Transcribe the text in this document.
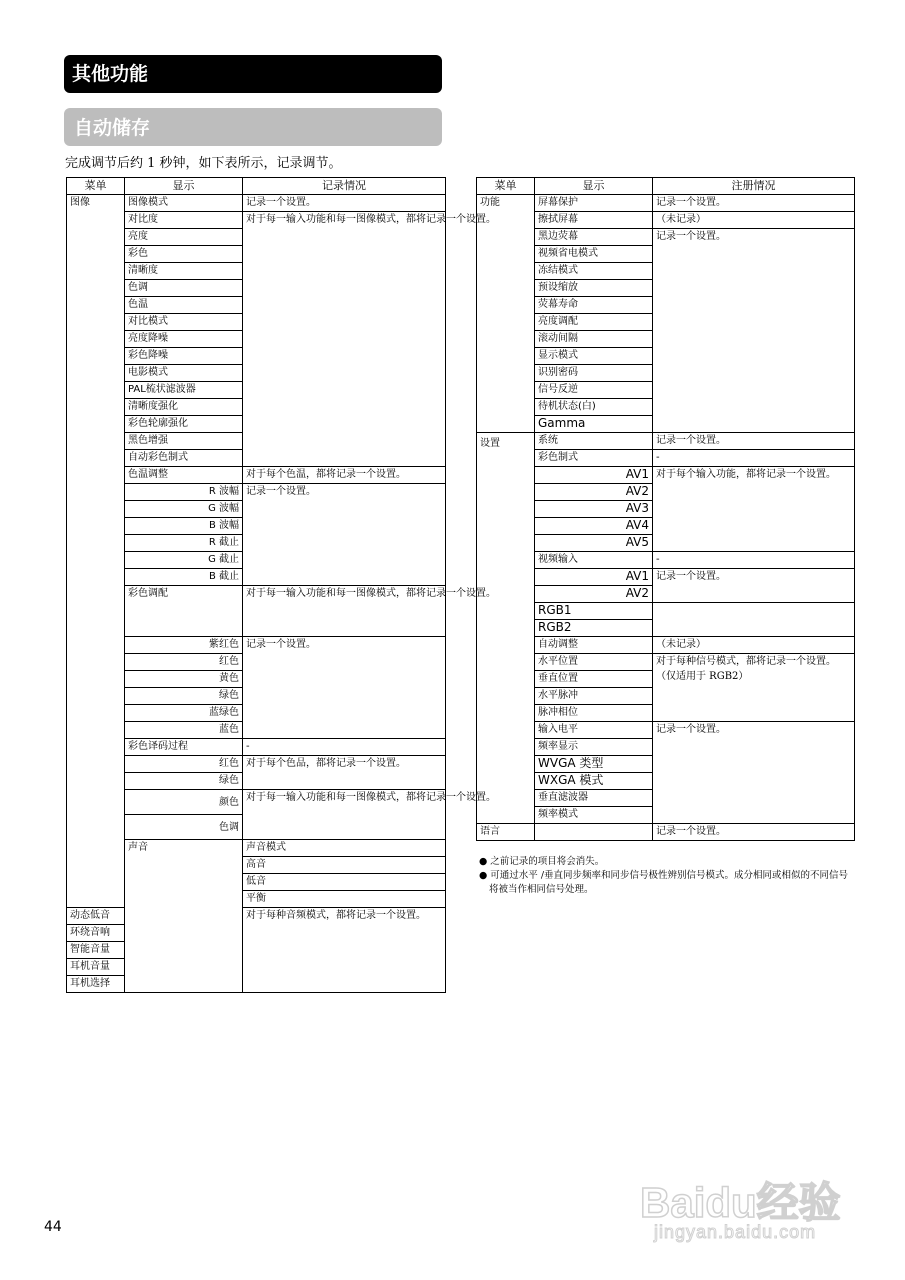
其他功能
自动储存
完成调节后约 1 秒钟，如下表所示，记录调节。
菜单	显示	记录情况	
图像	图像模式	记录一个设置。	
	对比度	对于每一输入功能和每一图像模式，都将记录一个设置。	
	亮度		
	彩色		
	清晰度		
	色调		
	色温		
	对比模式		
	亮度降噪		
	彩色降噪		
	电影模式		
	PAL梳状滤波器		
	清晰度强化		
	彩色轮廓强化		
	黑色增强		
	自动彩色制式		
	色温调整	对于每个色温，都将记录一个设置。	
	R 波幅	记录一个设置。	
	G 波幅		
	B 波幅		
	R 截止		
	G 截止		
	B 截止		
	彩色调配	对于每一输入功能和每一图像模式，都将记录一个设置。	
	紫红色	记录一个设置。	
	红色		
	黄色		
	绿色		
	蓝绿色		
	蓝色		
	彩色译码过程	-	
	红色	对于每个色品，都将记录一个设置。	
	绿色		
	颜色	对于每一输入功能和每一图像模式，都将记录一个设置。	
	色调		
	声音	声音模式	
		高音	
		低音	
		平衡	
动态低音		对于每种音频模式，都将记录一个设置。	
环绕音响			
智能音量			
耳机音量			
耳机选择			
菜单	显示	注册情况
功能	屏幕保护	记录一个设置。
	擦拭屏幕	（未记录）
	黑边荧幕	记录一个设置。
	视频省电模式	
	冻结模式	
	预设缩放	
	荧幕寿命	
	亮度调配	
	滚动间隔	
	显示模式	
	识别密码	
	信号反逆	
	待机状态(白)	
	Gamma	
设置	系统	记录一个设置。
	彩色制式	-
	AV1	对于每个输入功能，都将记录一个设置。
	AV2	
	AV3	
	AV4	
	AV5	
	视频输入	-
	AV1	记录一个设置。
	AV2	
	RGB1	
	RGB2	
	自动调整	（未记录）
	水平位置	对于每种信号模式，都将记录一个设置。
（仅适用于 RGB2）
	垂直位置	
	水平脉冲	
	脉冲相位	
	输入电平	记录一个设置。
	频率显示	
	WVGA 类型	
	WXGA 模式	
	垂直滤波器	
	频率模式	
语言		记录一个设置。
● 之前记录的项目将会消失。
● 可通过水平 /垂直同步频率和同步信号极性辨别信号模式。成分相同或相似的不同信号将被当作相同信号处理。
44
Baidu经验
jingyan.baidu.com
